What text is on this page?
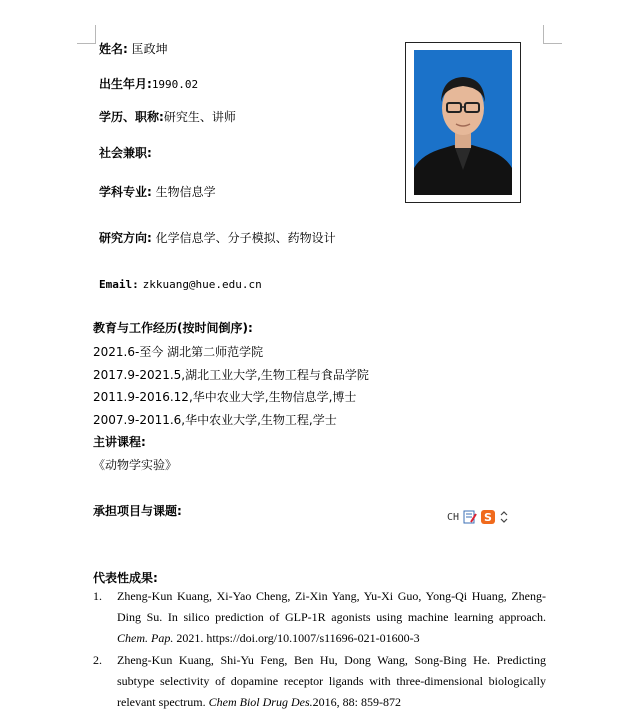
姓名: 匡政坤
出生年月:1990.02
学历、职称:研究生、讲师
社会兼职:
学科专业: 生物信息学
研究方向: 化学信息学、分子模拟、药物设计
Email: zkkuang@hue.edu.cn
教育与工作经历(按时间倒序):
2021.6-至今 湖北第二师范学院
2017.9-2021.5,湖北工业大学,生物工程与食品学院
2011.9-2016.12,华中农业大学,生物信息学,博士
2007.9-2011.6,华中农业大学,生物工程,学士
主讲课程:
《动物学实验》
承担项目与课题:	CH S
代表性成果:
1. Zheng-Kun Kuang, Xi-Yao Cheng, Zi-Xin Yang, Yu-Xi Guo, Yong-Qi Huang, Zheng-Ding Su. In silico prediction of GLP-1R agonists using machine learning approach. Chem. Pap. 2021. https://doi.org/10.1007/s11696-021-01600-3
2. Zheng-Kun Kuang, Shi-Yu Feng, Ben Hu, Dong Wang, Song-Bing He. Predicting subtype selectivity of dopamine receptor ligands with three-dimensional biologically relevant spectrum. Chem Biol Drug Des.2016, 88: 859-872
